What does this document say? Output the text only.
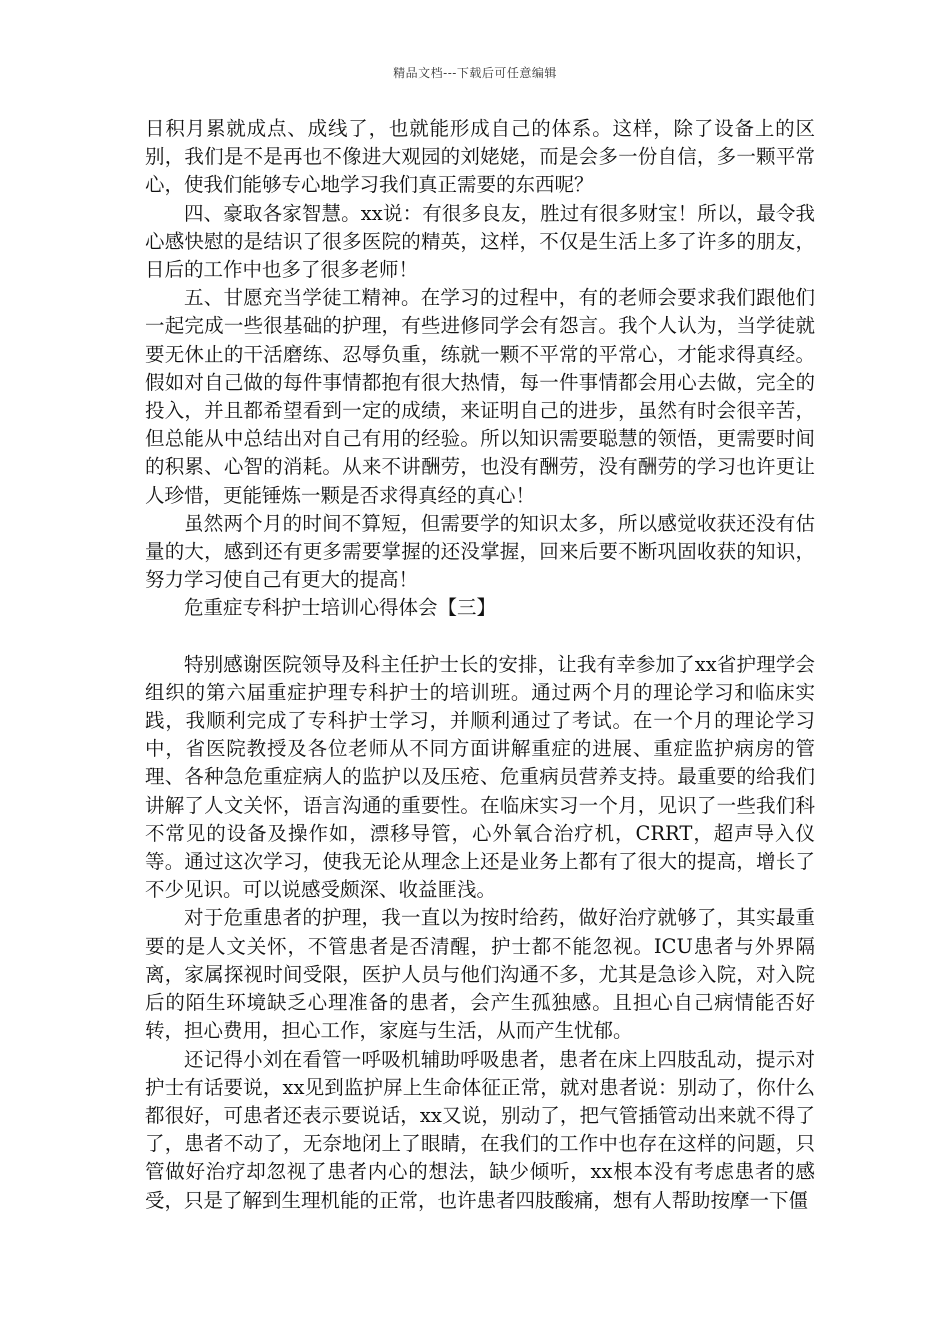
精品文档---下载后可任意编辑

日积月累就成点、成线了，也就能形成自己的体系。这样，除了设备上的区别，我们是不是再也不像进大观园的刘姥姥，而是会多一份自信，多一颗平常心，使我们能够专心地学习我们真正需要的东西呢？

四、豪取各家智慧。xx说：有很多良友，胜过有很多财宝！所以，最令我心感快慰的是结识了很多医院的精英，这样，不仅是生活上多了许多的朋友，日后的工作中也多了很多老师！

五、甘愿充当学徒工精神。在学习的过程中，有的老师会要求我们跟他们一起完成一些很基础的护理，有些进修同学会有怨言。我个人认为，当学徒就要无休止的干活磨练、忍辱负重，练就一颗不平常的平常心，才能求得真经。假如对自己做的每件事情都抱有很大热情，每一件事情都会用心去做，完全的投入，并且都希望看到一定的成绩，来证明自己的进步，虽然有时会很辛苦，但总能从中总结出对自己有用的经验。所以知识需要聪慧的领悟，更需要时间的积累、心智的消耗。从来不讲酬劳，也没有酬劳，没有酬劳的学习也许更让人珍惜，更能锤炼一颗是否求得真经的真心！

虽然两个月的时间不算短，但需要学的知识太多，所以感觉收获还没有估量的大，感到还有更多需要掌握的还没掌握，回来后要不断巩固收获的知识，努力学习使自己有更大的提高！

危重症专科护士培训心得体会【三】

特别感谢医院领导及科主任护士长的安排，让我有幸参加了xx省护理学会组织的第六届重症护理专科护士的培训班。通过两个月的理论学习和临床实践，我顺利完成了专科护士学习，并顺利通过了考试。在一个月的理论学习中，省医院教授及各位老师从不同方面讲解重症的进展、重症监护病房的管理、各种急危重症病人的监护以及压疮、危重病员营养支持。最重要的给我们讲解了人文关怀，语言沟通的重要性。在临床实习一个月，见识了一些我们科不常见的设备及操作如，漂移导管，心外氧合治疗机，CRRT，超声导入仪等。通过这次学习，使我无论从理念上还是业务上都有了很大的提高，增长了不少见识。可以说感受颇深、收益匪浅。

对于危重患者的护理，我一直以为按时给药，做好治疗就够了，其实最重要的是人文关怀，不管患者是否清醒，护士都不能忽视。ICU患者与外界隔离，家属探视时间受限，医护人员与他们沟通不多，尤其是急诊入院，对入院后的陌生环境缺乏心理准备的患者，会产生孤独感。且担心自己病情能否好转，担心费用，担心工作，家庭与生活，从而产生忧郁。

还记得小刘在看管一呼吸机辅助呼吸患者，患者在床上四肢乱动，提示对护士有话要说，xx见到监护屏上生命体征正常，就对患者说：别动了，你什么都很好，可患者还表示要说话，xx又说，别动了，把气管插管动出来就不得了了，患者不动了，无奈地闭上了眼睛，在我们的工作中也存在这样的问题，只管做好治疗却忽视了患者内心的想法，缺少倾听，xx根本没有考虑患者的感受，只是了解到生理机能的正常，也许患者四肢酸痛，想有人帮助按摩一下僵
